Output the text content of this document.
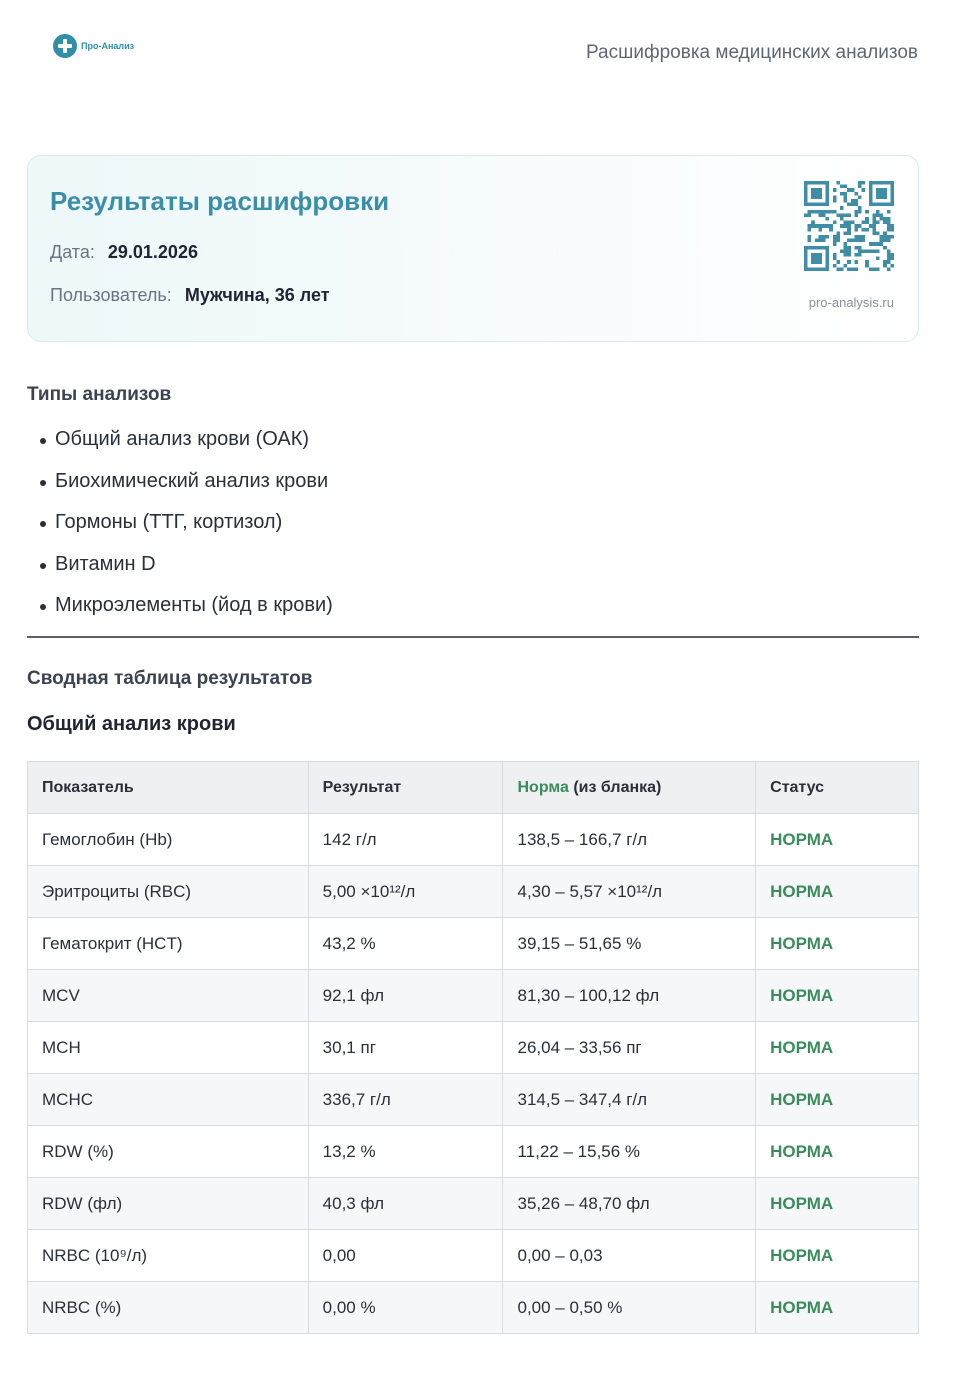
Про-Анализ	Расшифровка медицинских анализов
Результаты расшифровки
Дата: 29.01.2026
Пользователь: Мужчина, 36 лет	pro-analysis.ru
Типы анализов
Общий анализ крови (ОАК)
Биохимический анализ крови
Гормоны (ТТГ, кортизол)
Витамин D
Микроэлементы (йод в крови)
Сводная таблица результатов
Общий анализ крови
Показатель	Результат	Норма (из бланка)	Статус
Гемоглобин (Hb)	142 г/л	138,5 – 166,7 г/л	НОРМА
Эритроциты (RBC)	5,00 ×10¹²/л	4,30 – 5,57 ×10¹²/л	НОРМА
Гематокрит (HCT)	43,2 %	39,15 – 51,65 %	НОРМА
MCV	92,1 фл	81,30 – 100,12 фл	НОРМА
MCH	30,1 пг	26,04 – 33,56 пг	НОРМА
MCHC	336,7 г/л	314,5 – 347,4 г/л	НОРМА
RDW (%)	13,2 %	11,22 – 15,56 %	НОРМА
RDW (фл)	40,3 фл	35,26 – 48,70 фл	НОРМА
NRBC (10⁹/л)	0,00	0,00 – 0,03	НОРМА
NRBC (%)	0,00 %	0,00 – 0,50 %	НОРМА
